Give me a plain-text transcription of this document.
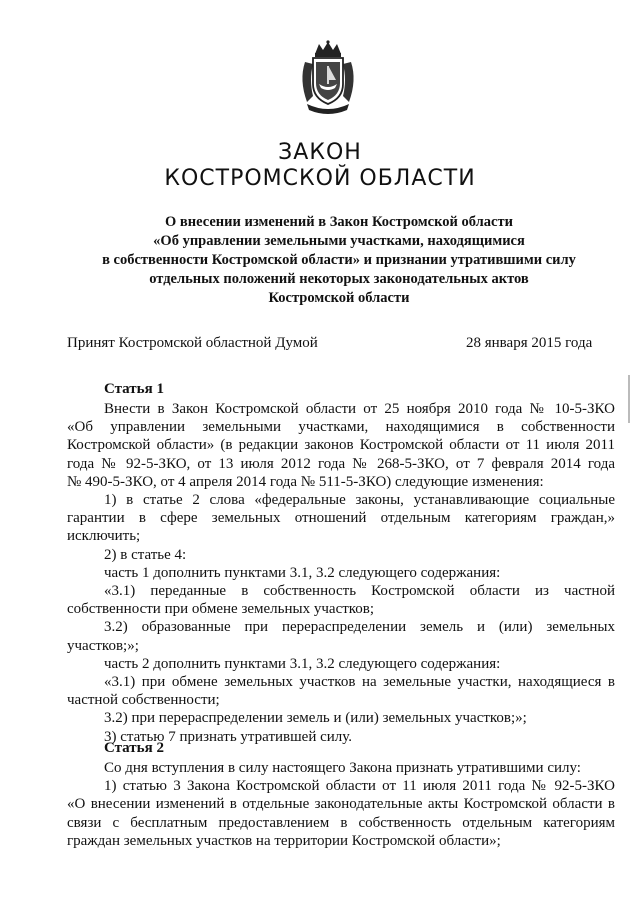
ЗАКОН
КОСТРОМСКОЙ ОБЛАСТИ
О внесении изменений в Закон Костромской области
«Об управлении земельными участками, находящимися
в собственности Костромской области» и признании утратившими силу
отдельных положений некоторых законодательных актов
Костромской области
Принят Костромской областной Думой	28 января 2015 года
Статья 1

Внести в Закон Костромской области от 25 ноября 2010 года № 10-5-ЗКО

«Об управлении земельными участками, находящимися в собственности

Костромской области» (в редакции законов Костромской области от 11 июля 2011

года № 92-5-ЗКО, от 13 июля 2012 года № 268-5-ЗКО, от 7 февраля 2014 года

№ 490-5-ЗКО, от 4 апреля 2014 года № 511-5-ЗКО) следующие изменения:

1) в статье 2 слова «федеральные законы, устанавливающие социальные

гарантии в сфере земельных отношений отдельным категориям граждан,»

исключить;

2) в статье 4:

часть 1 дополнить пунктами 3.1, 3.2 следующего содержания:

«3.1) переданные в собственность Костромской области из частной

собственности при обмене земельных участков;

3.2) образованные при перераспределении земель и (или) земельных

участков;»;

часть 2 дополнить пунктами 3.1, 3.2 следующего содержания:

«3.1) при обмене земельных участков на земельные участки, находящиеся в

частной собственности;

3.2) при перераспределении земель и (или) земельных участков;»;

3) статью 7 признать утратившей силу.

Статья 2

Со дня вступления в силу настоящего Закона признать утратившими силу:

1) статью 3 Закона Костромской области от 11 июля 2011 года № 92-5-ЗКО

«О внесении изменений в отдельные законодательные акты Костромской области в

связи с бесплатным предоставлением в собственность отдельным категориям

граждан земельных участков на территории Костромской области»;
